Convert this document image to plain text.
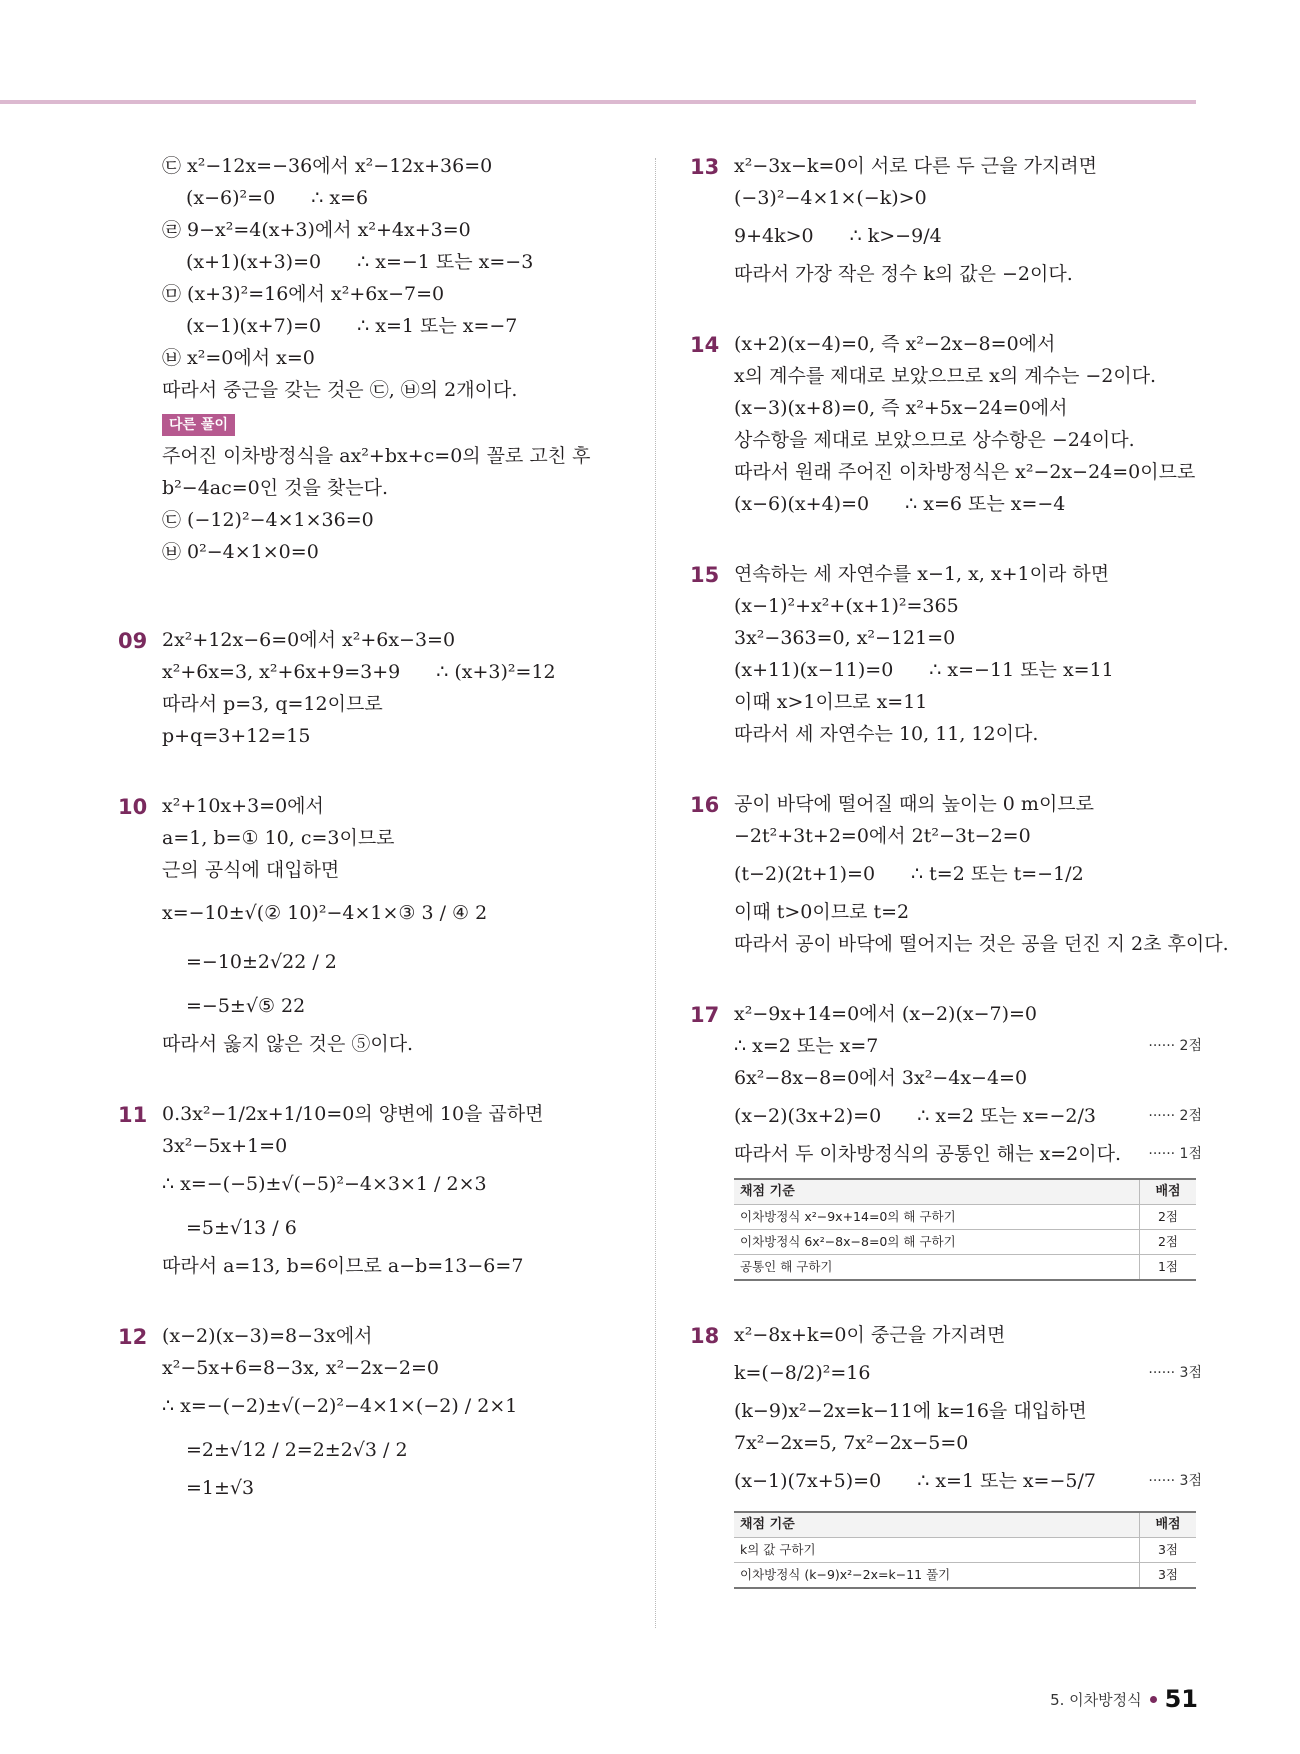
㉢ x²−12x=−36에서 x²−12x+36=0
(x−6)²=0 ∴ x=6
㉣ 9−x²=4(x+3)에서 x²+4x+3=0
(x+1)(x+3)=0 ∴ x=−1 또는 x=−3
㉤ (x+3)²=16에서 x²+6x−7=0
(x−1)(x+7)=0 ∴ x=1 또는 x=−7
㉥ x²=0에서 x=0
따라서 중근을 갖는 것은 ㉢, ㉥의 2개이다.
다른 풀이
주어진 이차방정식을 ax²+bx+c=0의 꼴로 고친 후
b²−4ac=0인 것을 찾는다.
㉢ (−12)²−4×1×36=0
㉥ 0²−4×1×0=0
09 2x²+12x−6=0에서 x²+6x−3=0
x²+6x=3, x²+6x+9=3+9 ∴ (x+3)²=12
따라서 p=3, q=12이므로
p+q=3+12=15
10 x²+10x+3=0에서
a=1, b=① 10, c=3이므로
근의 공식에 대입하면
x=−10±√(② 10)²−4×1×③ 3 / ④ 2
=−10±2√22 / 2
=−5±√⑤ 22
따라서 옳지 않은 것은 ⑤이다.
11 0.3x²−1/2x+1/10=0의 양변에 10을 곱하면
3x²−5x+1=0
∴ x=−(−5)±√(−5)²−4×3×1 / 2×3
=5±√13 / 6
따라서 a=13, b=6이므로 a−b=13−6=7
12 (x−2)(x−3)=8−3x에서
x²−5x+6=8−3x, x²−2x−2=0
∴ x=−(−2)±√(−2)²−4×1×(−2) / 2×1
=2±√12 / 2=2±2√3 / 2
=1±√3
13 x²−3x−k=0이 서로 다른 두 근을 가지려면
(−3)²−4×1×(−k)>0
9+4k>0 ∴ k>−9/4
따라서 가장 작은 정수 k의 값은 −2이다.
14 (x+2)(x−4)=0, 즉 x²−2x−8=0에서
x의 계수를 제대로 보았으므로 x의 계수는 −2이다.
(x−3)(x+8)=0, 즉 x²+5x−24=0에서
상수항을 제대로 보았으므로 상수항은 −24이다.
따라서 원래 주어진 이차방정식은 x²−2x−24=0이므로
(x−6)(x+4)=0 ∴ x=6 또는 x=−4
15 연속하는 세 자연수를 x−1, x, x+1이라 하면
(x−1)²+x²+(x+1)²=365
3x²−363=0, x²−121=0
(x+11)(x−11)=0 ∴ x=−11 또는 x=11
이때 x>1이므로 x=11
따라서 세 자연수는 10, 11, 12이다.
16 공이 바닥에 떨어질 때의 높이는 0 m이므로
−2t²+3t+2=0에서 2t²−3t−2=0
(t−2)(2t+1)=0 ∴ t=2 또는 t=−1/2
이때 t>0이므로 t=2
따라서 공이 바닥에 떨어지는 것은 공을 던진 지 2초 후이다.
17 x²−9x+14=0에서 (x−2)(x−7)=0
∴ x=2 또는 x=7	······ 2점
6x²−8x−8=0에서 3x²−4x−4=0
(x−2)(3x+2)=0 ∴ x=2 또는 x=−2/3	······ 2점
따라서 두 이차방정식의 공통인 해는 x=2이다. ······ 1점
채점 기준	배점
이차방정식 x²−9x+14=0의 해 구하기	2점
이차방정식 6x²−8x−8=0의 해 구하기	2점
공통인 해 구하기	1점
18 x²−8x+k=0이 중근을 가지려면
k=(−8/2)²=16	······ 3점
(k−9)x²−2x=k−11에 k=16을 대입하면
7x²−2x=5, 7x²−2x−5=0
(x−1)(7x+5)=0 ∴ x=1 또는 x=−5/7	······ 3점
채점 기준	배점
k의 값 구하기	3점
이차방정식 (k−9)x²−2x=k−11 풀기	3점
5. 이차방정식 51
